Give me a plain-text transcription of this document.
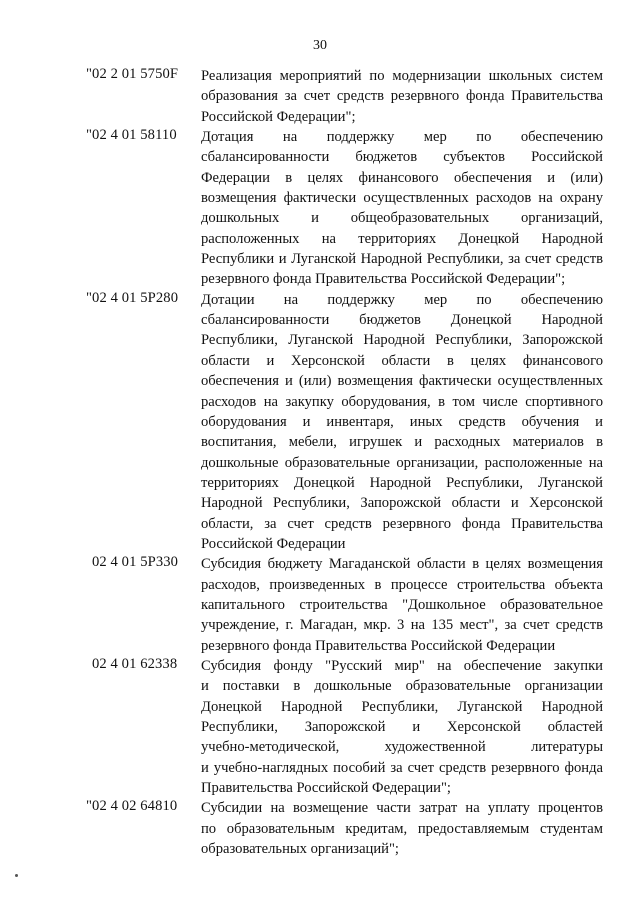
30
"02 2 01 5750F Реализация мероприятий по модернизации школьных систем
образования за счет средств резервного фонда Правительства
Российской Федерации";
"02 4 01 58110 Дотация на поддержку мер по обеспечению
сбалансированности бюджетов субъектов Российской
Федерации в целях финансового обеспечения и (или)
возмещения фактически осуществленных расходов на охрану
дошкольных и общеобразовательных организаций,
расположенных на территориях Донецкой Народной
Республики и Луганской Народной Республики, за счет средств
резервного фонда Правительства Российской Федерации";
"02 4 01 5P280 Дотации на поддержку мер по обеспечению
сбалансированности бюджетов Донецкой Народной
Республики, Луганской Народной Республики, Запорожской
области и Херсонской области в целях финансового
обеспечения и (или) возмещения фактически осуществленных
расходов на закупку оборудования, в том числе спортивного
оборудования и инвентаря, иных средств обучения и
воспитания, мебели, игрушек и расходных материалов в
дошкольные образовательные организации, расположенные на
территориях Донецкой Народной Республики, Луганской
Народной Республики, Запорожской области и Херсонской
области, за счет средств резервного фонда Правительства
Российской Федерации
02 4 01 5P330 Субсидия бюджету Магаданской области в целях возмещения
расходов, произведенных в процессе строительства объекта
капитального строительства "Дошкольное образовательное
учреждение, г. Магадан, мкр. 3 на 135 мест", за счет средств
резервного фонда Правительства Российской Федерации
02 4 01 62338 Субсидия фонду "Русский мир" на обеспечение закупки
и поставки в дошкольные образовательные организации
Донецкой Народной Республики, Луганской Народной
Республики, Запорожской и Херсонской областей
учебно-методической, художественной литературы
и учебно-наглядных пособий за счет средств резервного фонда
Правительства Российской Федерации";
"02 4 02 64810 Субсидии на возмещение части затрат на уплату процентов
по образовательным кредитам, предоставляемым студентам
образовательных организаций";
